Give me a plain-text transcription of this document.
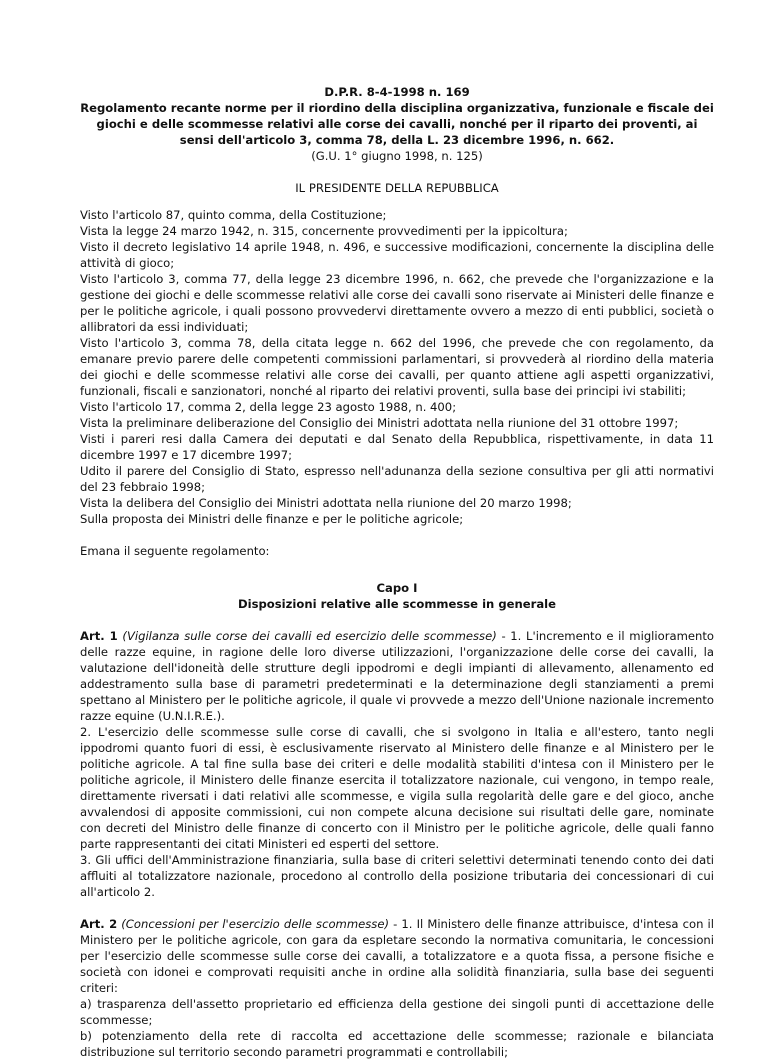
D.P.R. 8-4-1998 n. 169
Regolamento recante norme per il riordino della disciplina organizzativa, funzionale e fiscale dei giochi e delle scommesse relativi alle corse dei cavalli, nonché per il riparto dei proventi, ai sensi dell'articolo 3, comma 78, della L. 23 dicembre 1996, n. 662.
(G.U. 1° giugno 1998, n. 125)
IL PRESIDENTE DELLA REPUBBLICA
Visto l'articolo 87, quinto comma, della Costituzione;
Vista la legge 24 marzo 1942, n. 315, concernente provvedimenti per la ippicoltura;
Visto il decreto legislativo 14 aprile 1948, n. 496, e successive modificazioni, concernente la disciplina delle attività di gioco;
Visto l'articolo 3, comma 77, della legge 23 dicembre 1996, n. 662, che prevede che l'organizzazione e la gestione dei giochi e delle scommesse relativi alle corse dei cavalli sono riservate ai Ministeri delle finanze e per le politiche agricole, i quali possono provvedervi direttamente ovvero a mezzo di enti pubblici, società o allibratori da essi individuati;
Visto l'articolo 3, comma 78, della citata legge n. 662 del 1996, che prevede che con regolamento, da emanare previo parere delle competenti commissioni parlamentari, si provvederà al riordino della materia dei giochi e delle scommesse relativi alle corse dei cavalli, per quanto attiene agli aspetti organizzativi, funzionali, fiscali e sanzionatori, nonché al riparto dei relativi proventi, sulla base dei principi ivi stabiliti;
Visto l'articolo 17, comma 2, della legge 23 agosto 1988, n. 400;
Vista la preliminare deliberazione del Consiglio dei Ministri adottata nella riunione del 31 ottobre 1997;
Visti i pareri resi dalla Camera dei deputati e dal Senato della Repubblica, rispettivamente, in data 11 dicembre 1997 e 17 dicembre 1997;
Udito il parere del Consiglio di Stato, espresso nell'adunanza della sezione consultiva per gli atti normativi del 23 febbraio 1998;
Vista la delibera del Consiglio dei Ministri adottata nella riunione del 20 marzo 1998;
Sulla proposta dei Ministri delle finanze e per le politiche agricole;
Emana il seguente regolamento:
Capo I
Disposizioni relative alle scommesse in generale

Art. 1 (Vigilanza sulle corse dei cavalli ed esercizio delle scommesse) - 1. L'incremento e il miglioramento delle razze equine, in ragione delle loro diverse utilizzazioni, l'organizzazione delle corse dei cavalli, la valutazione dell'idoneità delle strutture degli ippodromi e degli impianti di allevamento, allenamento ed addestramento sulla base di parametri predeterminati e la determinazione degli stanziamenti a premi spettano al Ministero per le politiche agricole, il quale vi provvede a mezzo dell'Unione nazionale incremento razze equine (U.N.I.R.E.).

2. L'esercizio delle scommesse sulle corse di cavalli, che si svolgono in Italia e all'estero, tanto negli ippodromi quanto fuori di essi, è esclusivamente riservato al Ministero delle finanze e al Ministero per le politiche agricole. A tal fine sulla base dei criteri e delle modalità stabiliti d'intesa con il Ministero per le politiche agricole, il Ministero delle finanze esercita il totalizzatore nazionale, cui vengono, in tempo reale, direttamente riversati i dati relativi alle scommesse, e vigila sulla regolarità delle gare e del gioco, anche avvalendosi di apposite commissioni, cui non compete alcuna decisione sui risultati delle gare, nominate con decreti del Ministro delle finanze di concerto con il Ministro per le politiche agricole, delle quali fanno parte rappresentanti dei citati Ministeri ed esperti del settore.

3. Gli uffici dell'Amministrazione finanziaria, sulla base di criteri selettivi determinati tenendo conto dei dati affluiti al totalizzatore nazionale, procedono al controllo della posizione tributaria dei concessionari di cui all'articolo 2.

Art. 2 (Concessioni per l'esercizio delle scommesse) - 1. Il Ministero delle finanze attribuisce, d'intesa con il Ministero per le politiche agricole, con gara da espletare secondo la normativa comunitaria, le concessioni per l'esercizio delle scommesse sulle corse dei cavalli, a totalizzatore e a quota fissa, a persone fisiche e società con idonei e comprovati requisiti anche in ordine alla solidità finanziaria, sulla base dei seguenti criteri:

a) trasparenza dell'assetto proprietario ed efficienza della gestione dei singoli punti di accettazione delle scommesse;

b) potenziamento della rete di raccolta ed accettazione delle scommesse; razionale e bilanciata distribuzione sul territorio secondo parametri programmati e controllabili;
